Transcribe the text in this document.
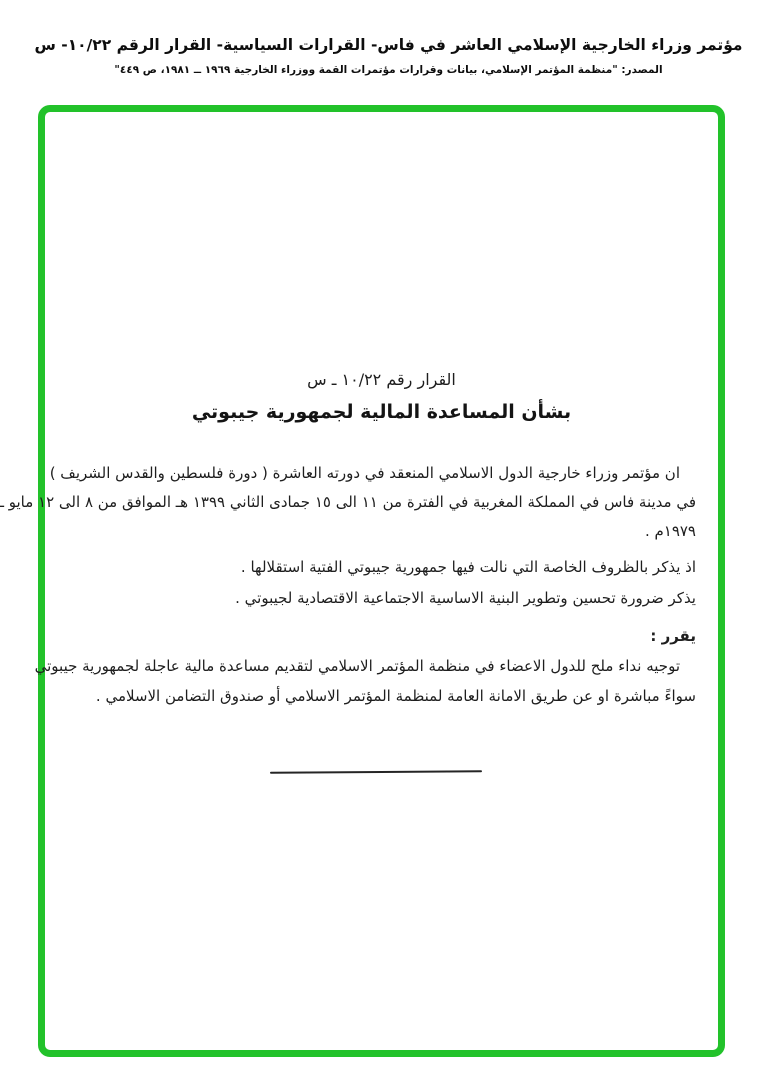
مؤتمر وزراء الخارجية الإسلامي العاشر في فاس- القرارات السياسية- القرار الرقم ١٠/٢٢- س
المصدر: "منظمة المؤتمر الإسلامي، بيانات وقرارات مؤتمرات القمة ووزراء الخارجية ١٩٦٩ ــ ١٩٨١، ص ٤٤٩"
القرار رقم ١٠/٢٢ ـ س
بشأن المساعدة المالية لجمهورية جيبوتي
ان مؤتمر وزراء خارجية الدول الاسلامي المنعقد في دورته العاشرة ( دورة فلسطين والقدس الشريف )
في مدينة فاس في المملكة المغربية في الفترة من ١١ الى ١٥ جمادى الثاني ١٣٩٩ هـ الموافق من ٨ الى ١٢ مايو ـ
١٩٧٩م .
اذ يذكر بالظروف الخاصة التي نالت فيها جمهورية جيبوتي الفتية استقلالها .
يذكر ضرورة تحسين وتطوير البنية الاساسية الاجتماعية الاقتصادية لجيبوتي .
يقرر :
توجيه نداء ملح للدول الاعضاء في منظمة المؤتمر الاسلامي لتقديم مساعدة مالية عاجلة لجمهورية جيبوتي
سواءً مباشرة او عن طريق الامانة العامة لمنظمة المؤتمر الاسلامي أو صندوق التضامن الاسلامي .
